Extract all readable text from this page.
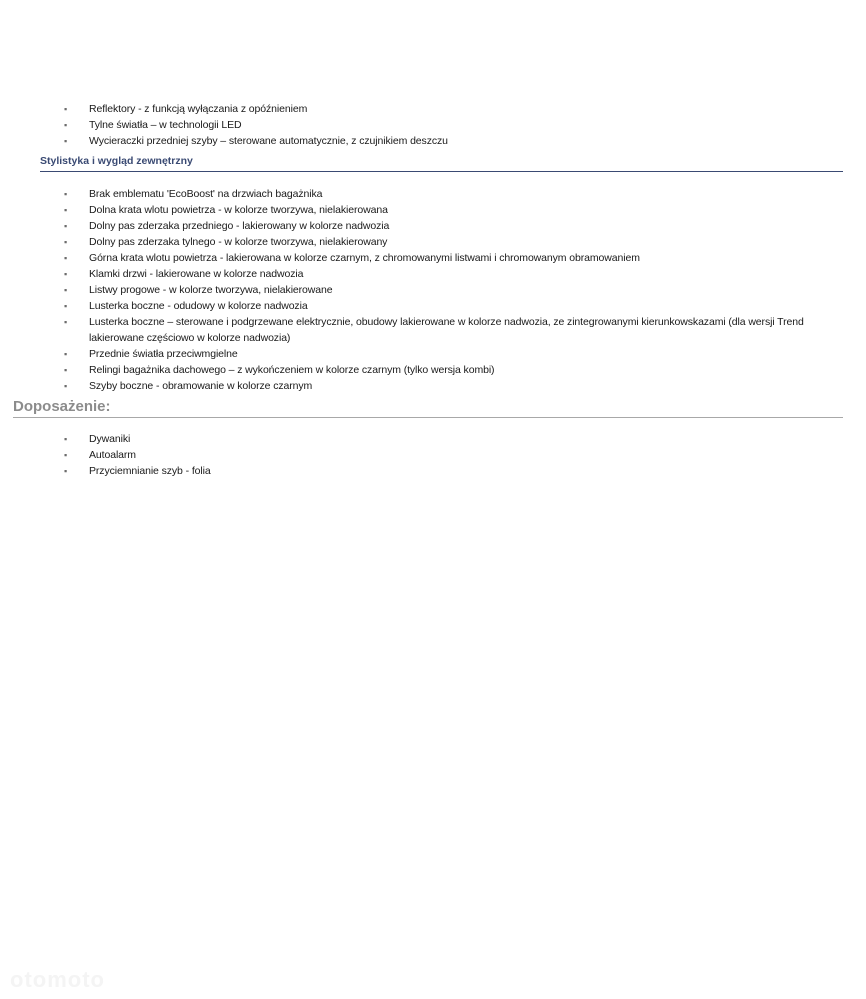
▪ Reflektory - z funkcją wyłączania z opóźnieniem
▪ Tylne światła – w technologii LED
▪ Wycieraczki przedniej szyby – sterowane automatycznie, z czujnikiem deszczu
Stylistyka i wygląd zewnętrzny
▪ Brak emblematu 'EcoBoost' na drzwiach bagażnika
▪ Dolna krata wlotu powietrza - w kolorze tworzywa, nielakierowana
▪ Dolny pas zderzaka przedniego - lakierowany w kolorze nadwozia
▪ Dolny pas zderzaka tylnego - w kolorze tworzywa, nielakierowany
▪ Górna krata wlotu powietrza - lakierowana w kolorze czarnym, z chromowanymi listwami i chromowanym obramowaniem
▪ Klamki drzwi - lakierowane w kolorze nadwozia
▪ Listwy progowe - w kolorze tworzywa, nielakierowane
▪ Lusterka boczne - odudowy w kolorze nadwozia
▪ Lusterka boczne – sterowane i podgrzewane elektrycznie, obudowy lakierowane w kolorze nadwozia, ze zintegrowanymi kierunkowskazami (dla wersji Trend lakierowane częściowo w kolorze nadwozia)
▪ Przednie światła przeciwmgielne
▪ Relingi bagażnika dachowego – z wykończeniem w kolorze czarnym (tylko wersja kombi)
▪ Szyby boczne - obramowanie w kolorze czarnym
Doposażenie:
▪ Dywaniki
▪ Autoalarm
▪ Przyciemnianie szyb - folia
otomoto
